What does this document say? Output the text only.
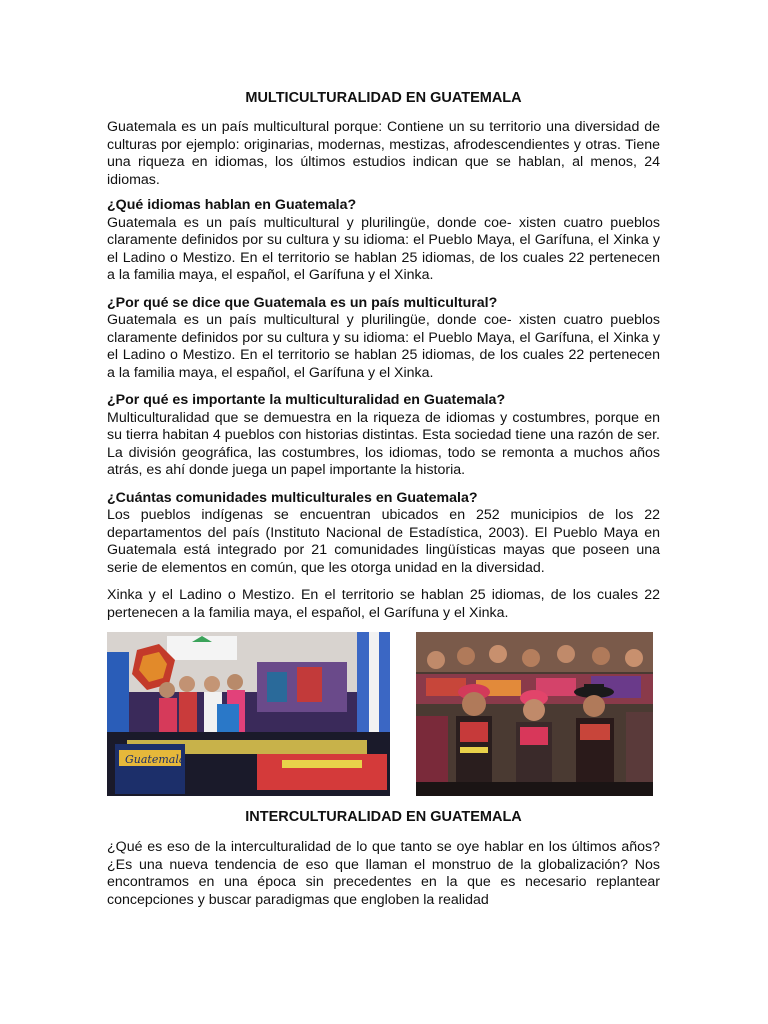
MULTICULTURALIDAD EN GUATEMALA

Guatemala es un país multicultural porque: Contiene un su territorio una diversidad de culturas por ejemplo: originarias, modernas, mestizas, afrodescendientes y otras. Tiene una riqueza en idiomas, los últimos estudios indican que se hablan, al menos, 24 idiomas.

¿Qué idiomas hablan en Guatemala?

Guatemala es un país multicultural y plurilingüe, donde coe- xisten cuatro pueblos claramente definidos por su cultura y su idioma: el Pueblo Maya, el Garífuna, el Xinka y el Ladino o Mestizo. En el territorio se hablan 25 idiomas, de los cuales 22 pertenecen a la familia maya, el español, el Garífuna y el Xinka.

¿Por qué se dice que Guatemala es un país multicultural?

Guatemala es un país multicultural y plurilingüe, donde coe- xisten cuatro pueblos claramente definidos por su cultura y su idioma: el Pueblo Maya, el Garífuna, el Xinka y el Ladino o Mestizo. En el territorio se hablan 25 idiomas, de los cuales 22 pertenecen a la familia maya, el español, el Garífuna y el Xinka.

¿Por qué es importante la multiculturalidad en Guatemala?

Multiculturalidad que se demuestra en la riqueza de idiomas y costumbres, porque en su tierra habitan 4 pueblos con historias distintas. Esta sociedad tiene una razón de ser. La división geográfica, las costumbres, los idiomas, todo se remonta a muchos años atrás, es ahí donde juega un papel importante la historia.

¿Cuántas comunidades multiculturales en Guatemala?

Los pueblos indígenas se encuentran ubicados en 252 municipios de los 22 departamentos del país (Instituto Nacional de Estadística, 2003). El Pueblo Maya en Guatemala está integrado por 21 comunidades lingüísticas mayas que poseen una serie de elementos en común, que les otorga unidad en la diversidad.

Xinka y el Ladino o Mestizo. En el territorio se hablan 25 idiomas, de los cuales 22 pertenecen a la familia maya, el español, el Garífuna y el Xinka.

Guatemala
INTERCULTURALIDAD EN GUATEMALA

¿Qué es eso de la interculturalidad de lo que tanto se oye hablar en los últimos años? ¿Es una nueva tendencia de eso que llaman el monstruo de la globalización? Nos encontramos en una época sin precedentes en la que es necesario replantear concepciones y buscar paradigmas que engloben la realidad
